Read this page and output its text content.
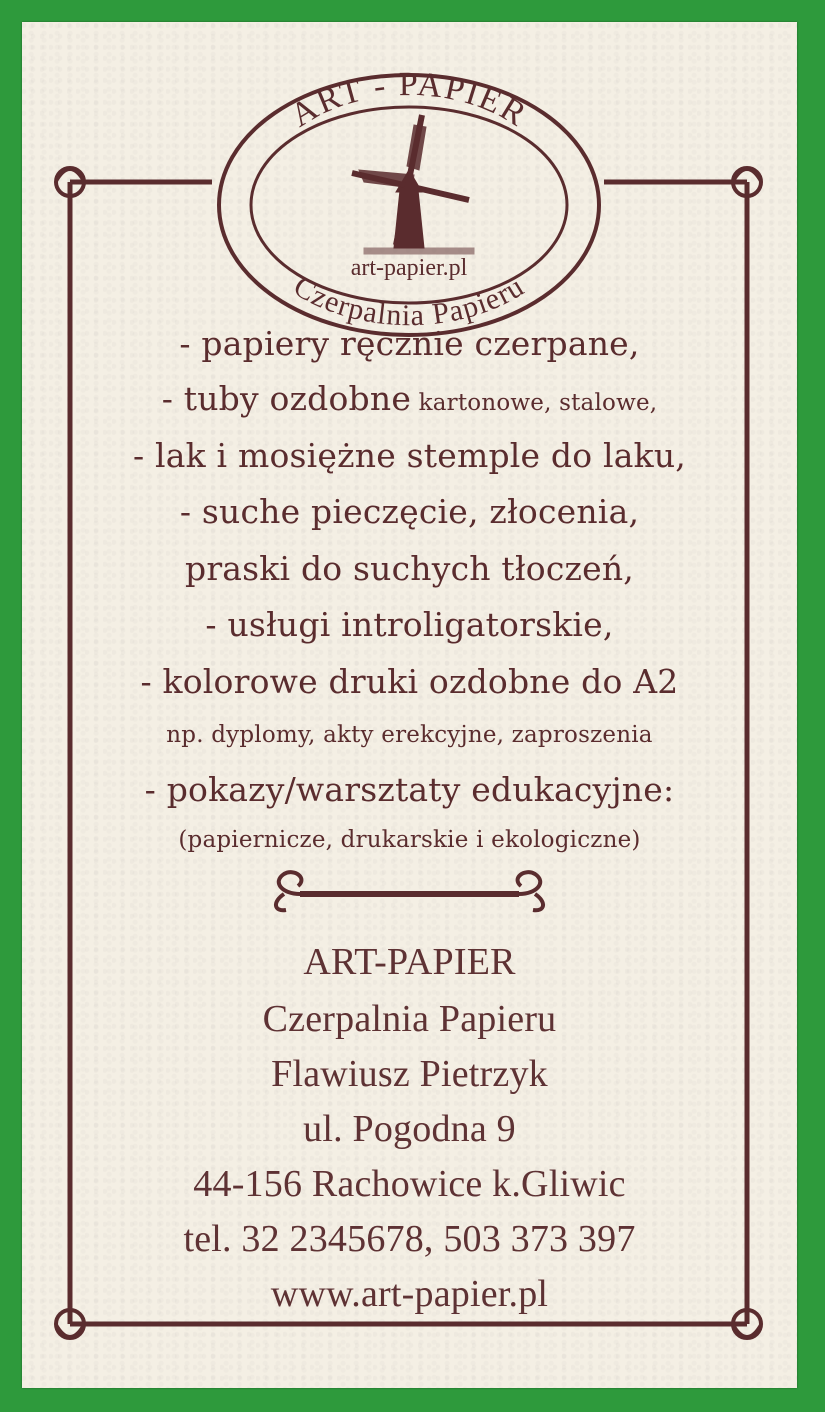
ART - PAPIER
Czerpalnia Papieru
art-papier.pl
- papiery ręcznie czerpane,
- tuby ozdobne kartonowe, stalowe,
- lak i mosiężne stemple do laku,
- suche pieczęcie, złocenia,
praski do suchych tłoczeń,
- usługi introligatorskie,
- kolorowe druki ozdobne do A2
np. dyplomy, akty erekcyjne, zaproszenia
- pokazy/warsztaty edukacyjne:
(papiernicze, drukarskie i ekologiczne)
ART-PAPIER
Czerpalnia Papieru
Flawiusz Pietrzyk
ul. Pogodna 9
44-156 Rachowice k.Gliwic
tel. 32 2345678, 503 373 397
www.art-papier.pl
